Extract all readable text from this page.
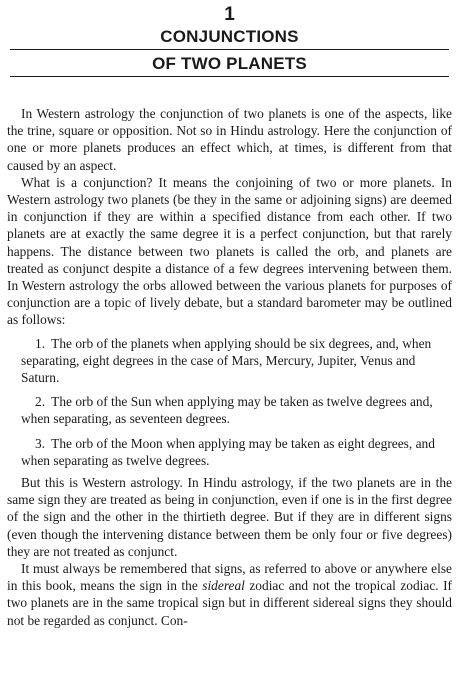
1
CONJUNCTIONS
OF TWO PLANETS

In Western astrology the conjunction of two planets is one of the aspects, like the trine, square or opposition. Not so in Hindu astrology. Here the conjunction of one or more planets produces an effect which, at times, is different from that caused by an aspect.

What is a conjunction? It means the conjoining of two or more planets. In Western astrology two planets (be they in the same or adjoining signs) are deemed in conjunction if they are within a specified distance from each other. If two planets are at exactly the same degree it is a perfect conjunction, but that rarely happens. The distance between two planets is called the orb, and planets are treated as conjunct despite a distance of a few degrees intervening between them. In Western astrology the orbs allowed between the various planets for purposes of conjunction are a topic of lively debate, but a standard barometer may be outlined as follows:

1. The orb of the planets when applying should be six degrees, and, when separating, eight degrees in the case of Mars, Mercury, Jupiter, Venus and Saturn.
2. The orb of the Sun when applying may be taken as twelve degrees and, when separating, as seventeen degrees.
3. The orb of the Moon when applying may be taken as eight degrees, and when separating as twelve degrees.

But this is Western astrology. In Hindu astrology, if the two planets are in the same sign they are treated as being in conjunction, even if one is in the first degree of the sign and the other in the thirtieth degree. But if they are in different signs (even though the intervening distance between them be only four or five degrees) they are not treated as conjunct.

It must always be remembered that signs, as referred to above or anywhere else in this book, means the sign in the sidereal zodiac and not the tropical zodiac. If two planets are in the same tropical sign but in different sidereal signs they should not be regarded as conjunct. Con-
